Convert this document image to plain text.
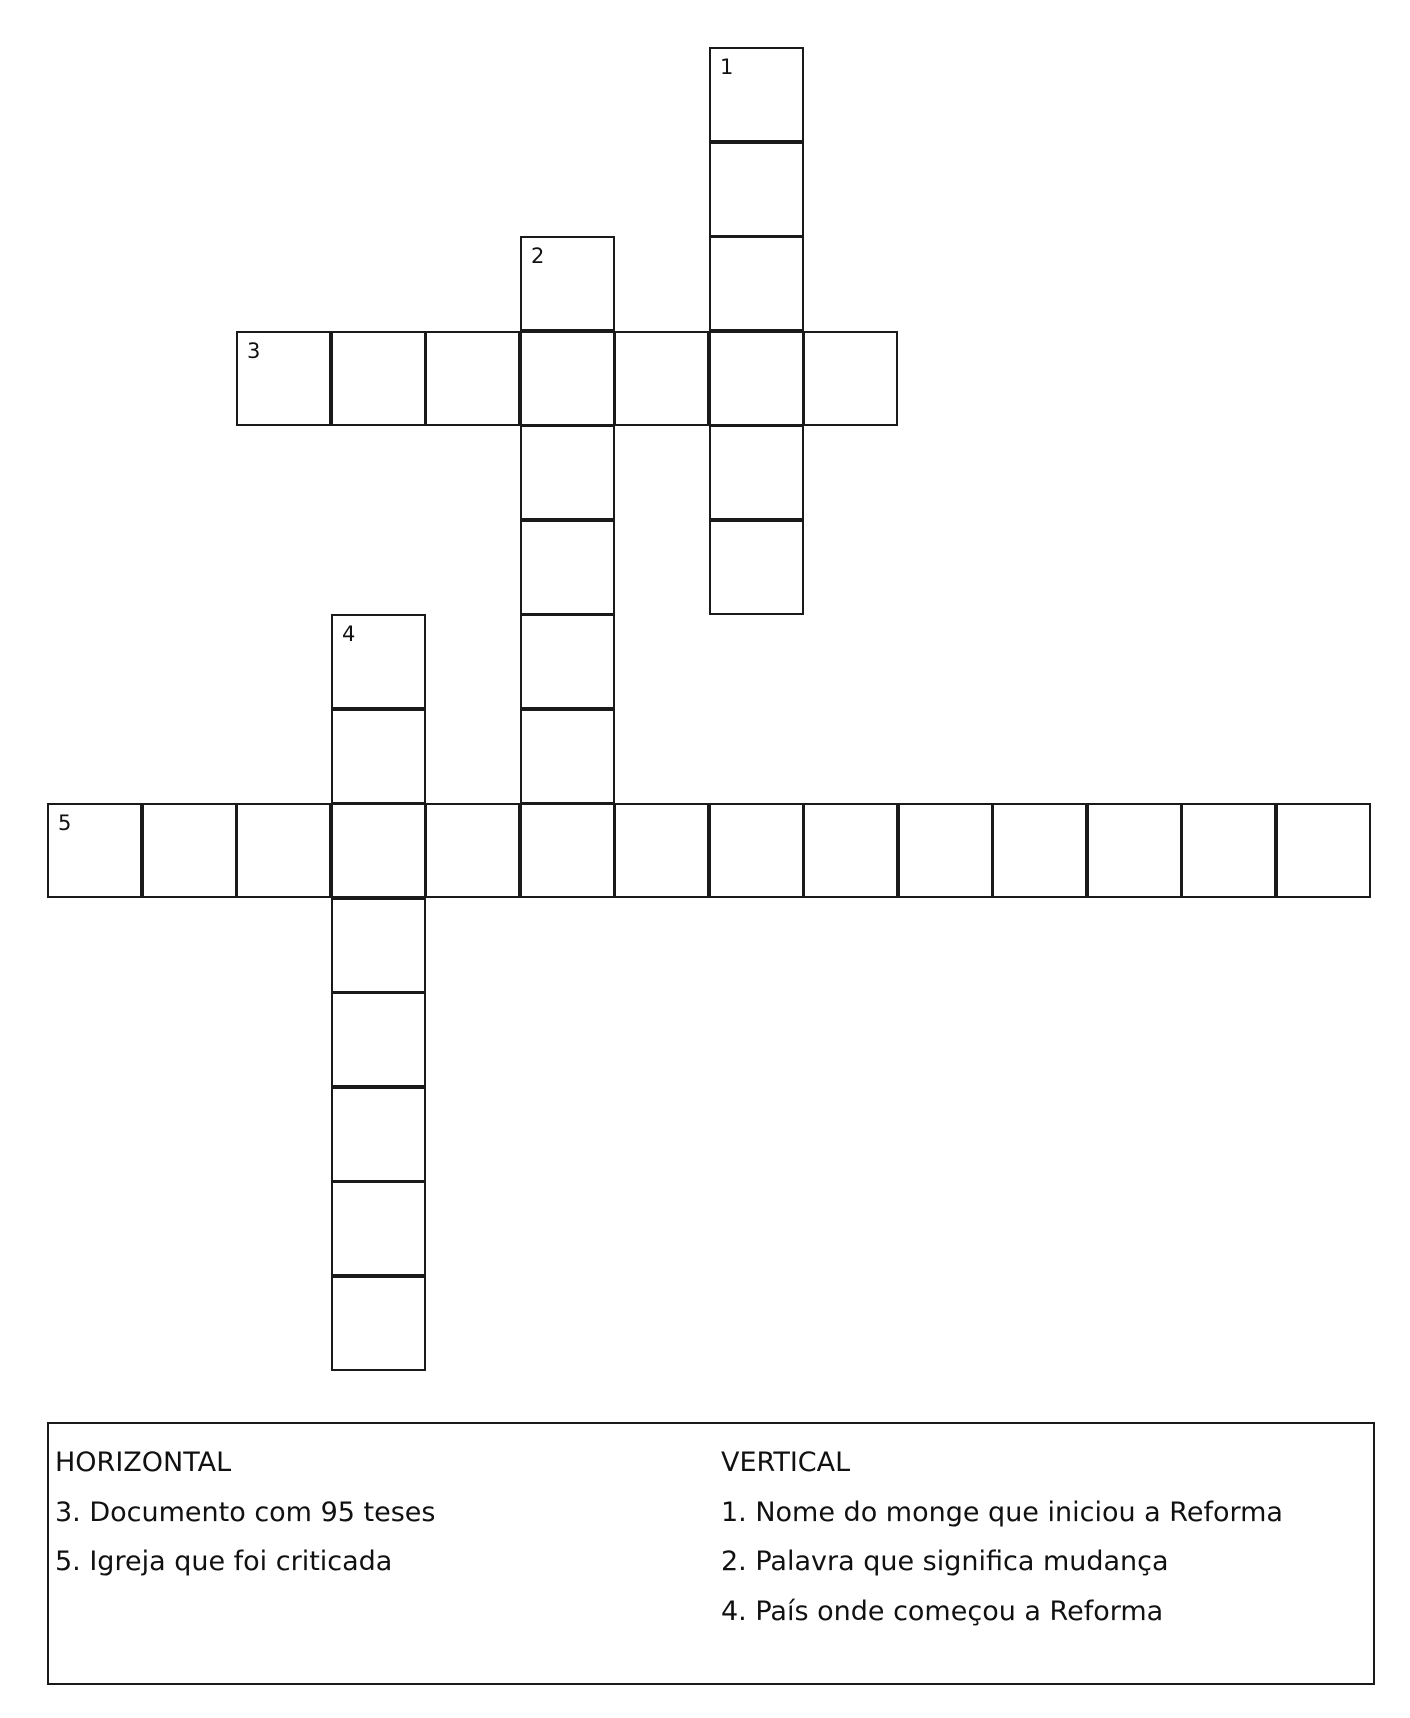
1
2
3
4
5
HORIZONTAL
3. Documento com 95 teses
5. Igreja que foi criticada
VERTICAL
1. Nome do monge que iniciou a Reforma
2. Palavra que significa mudança
4. País onde começou a Reforma
